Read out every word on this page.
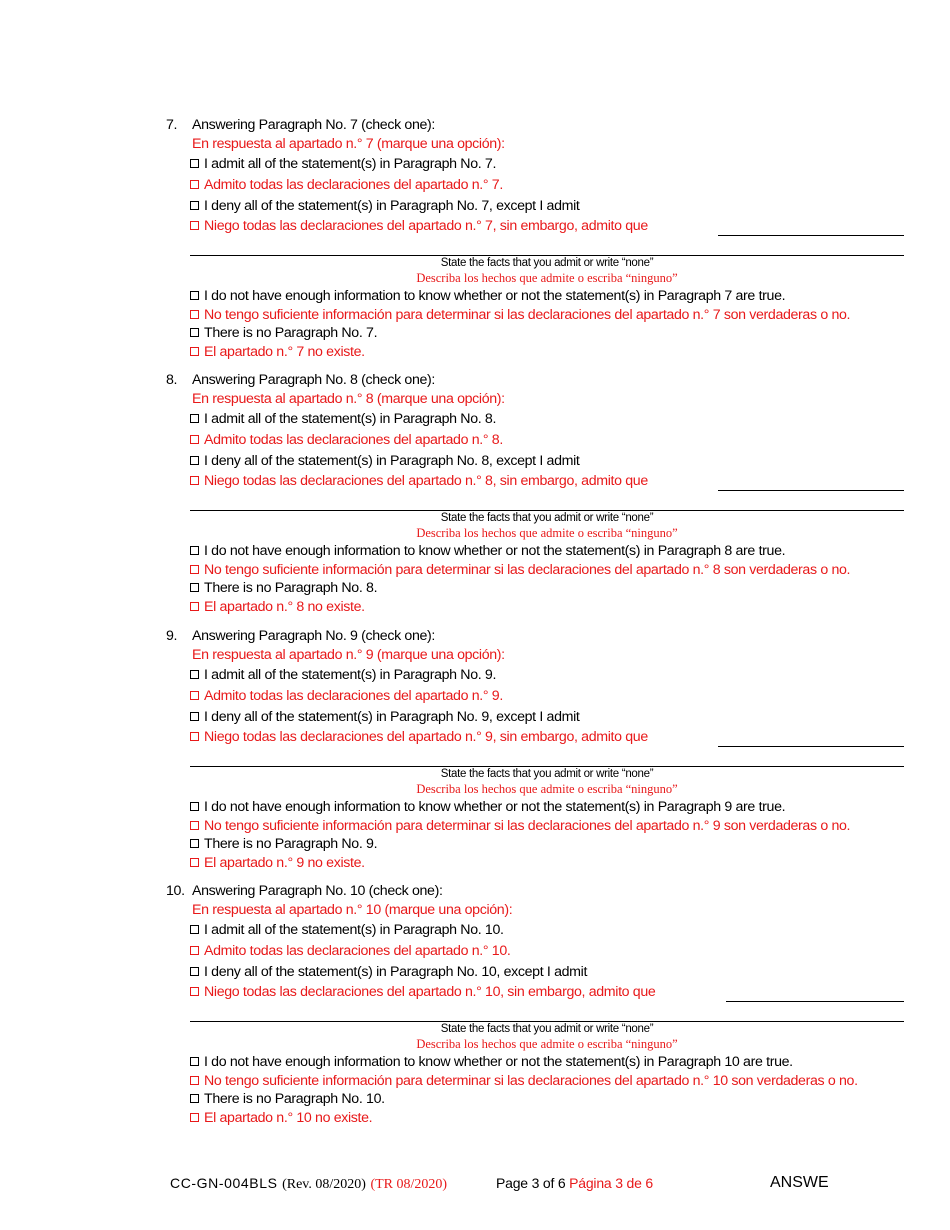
7. Answering Paragraph No. 7 (check one):
En respuesta al apartado n.° 7 (marque una opción):
I admit all of the statement(s) in Paragraph No. 7.
Admito todas las declaraciones del apartado n.° 7.
I deny all of the statement(s) in Paragraph No. 7, except I admit
Niego todas las declaraciones del apartado n.° 7, sin embargo, admito que
State the facts that you admit or write “none”
Describa los hechos que admite o escriba “ninguno”
I do not have enough information to know whether or not the statement(s) in Paragraph 7 are true.
No tengo suficiente información para determinar si las declaraciones del apartado n.° 7 son verdaderas o no.
There is no Paragraph No. 7.
El apartado n.° 7 no existe.
8. Answering Paragraph No. 8 (check one):
En respuesta al apartado n.° 8 (marque una opción):
I admit all of the statement(s) in Paragraph No. 8.
Admito todas las declaraciones del apartado n.° 8.
I deny all of the statement(s) in Paragraph No. 8, except I admit
Niego todas las declaraciones del apartado n.° 8, sin embargo, admito que
State the facts that you admit or write “none”
Describa los hechos que admite o escriba “ninguno”
I do not have enough information to know whether or not the statement(s) in Paragraph 8 are true.
No tengo suficiente información para determinar si las declaraciones del apartado n.° 8 son verdaderas o no.
There is no Paragraph No. 8.
El apartado n.° 8 no existe.
9. Answering Paragraph No. 9 (check one):
En respuesta al apartado n.° 9 (marque una opción):
I admit all of the statement(s) in Paragraph No. 9.
Admito todas las declaraciones del apartado n.° 9.
I deny all of the statement(s) in Paragraph No. 9, except I admit
Niego todas las declaraciones del apartado n.° 9, sin embargo, admito que
State the facts that you admit or write “none”
Describa los hechos que admite o escriba “ninguno”
I do not have enough information to know whether or not the statement(s) in Paragraph 9 are true.
No tengo suficiente información para determinar si las declaraciones del apartado n.° 9 son verdaderas o no.
There is no Paragraph No. 9.
El apartado n.° 9 no existe.
10. Answering Paragraph No. 10 (check one):
En respuesta al apartado n.° 10 (marque una opción):
I admit all of the statement(s) in Paragraph No. 10.
Admito todas las declaraciones del apartado n.° 10.
I deny all of the statement(s) in Paragraph No. 10, except I admit
Niego todas las declaraciones del apartado n.° 10, sin embargo, admito que
State the facts that you admit or write “none”
Describa los hechos que admite o escriba “ninguno”
I do not have enough information to know whether or not the statement(s) in Paragraph 10 are true.
No tengo suficiente información para determinar si las declaraciones del apartado n.° 10 son verdaderas o no.
There is no Paragraph No. 10.
El apartado n.° 10 no existe.
CC-GN-004BLS (Rev. 08/2020) (TR 08/2020)	Page 3 of 6 Página 3 de 6	ANSWE
